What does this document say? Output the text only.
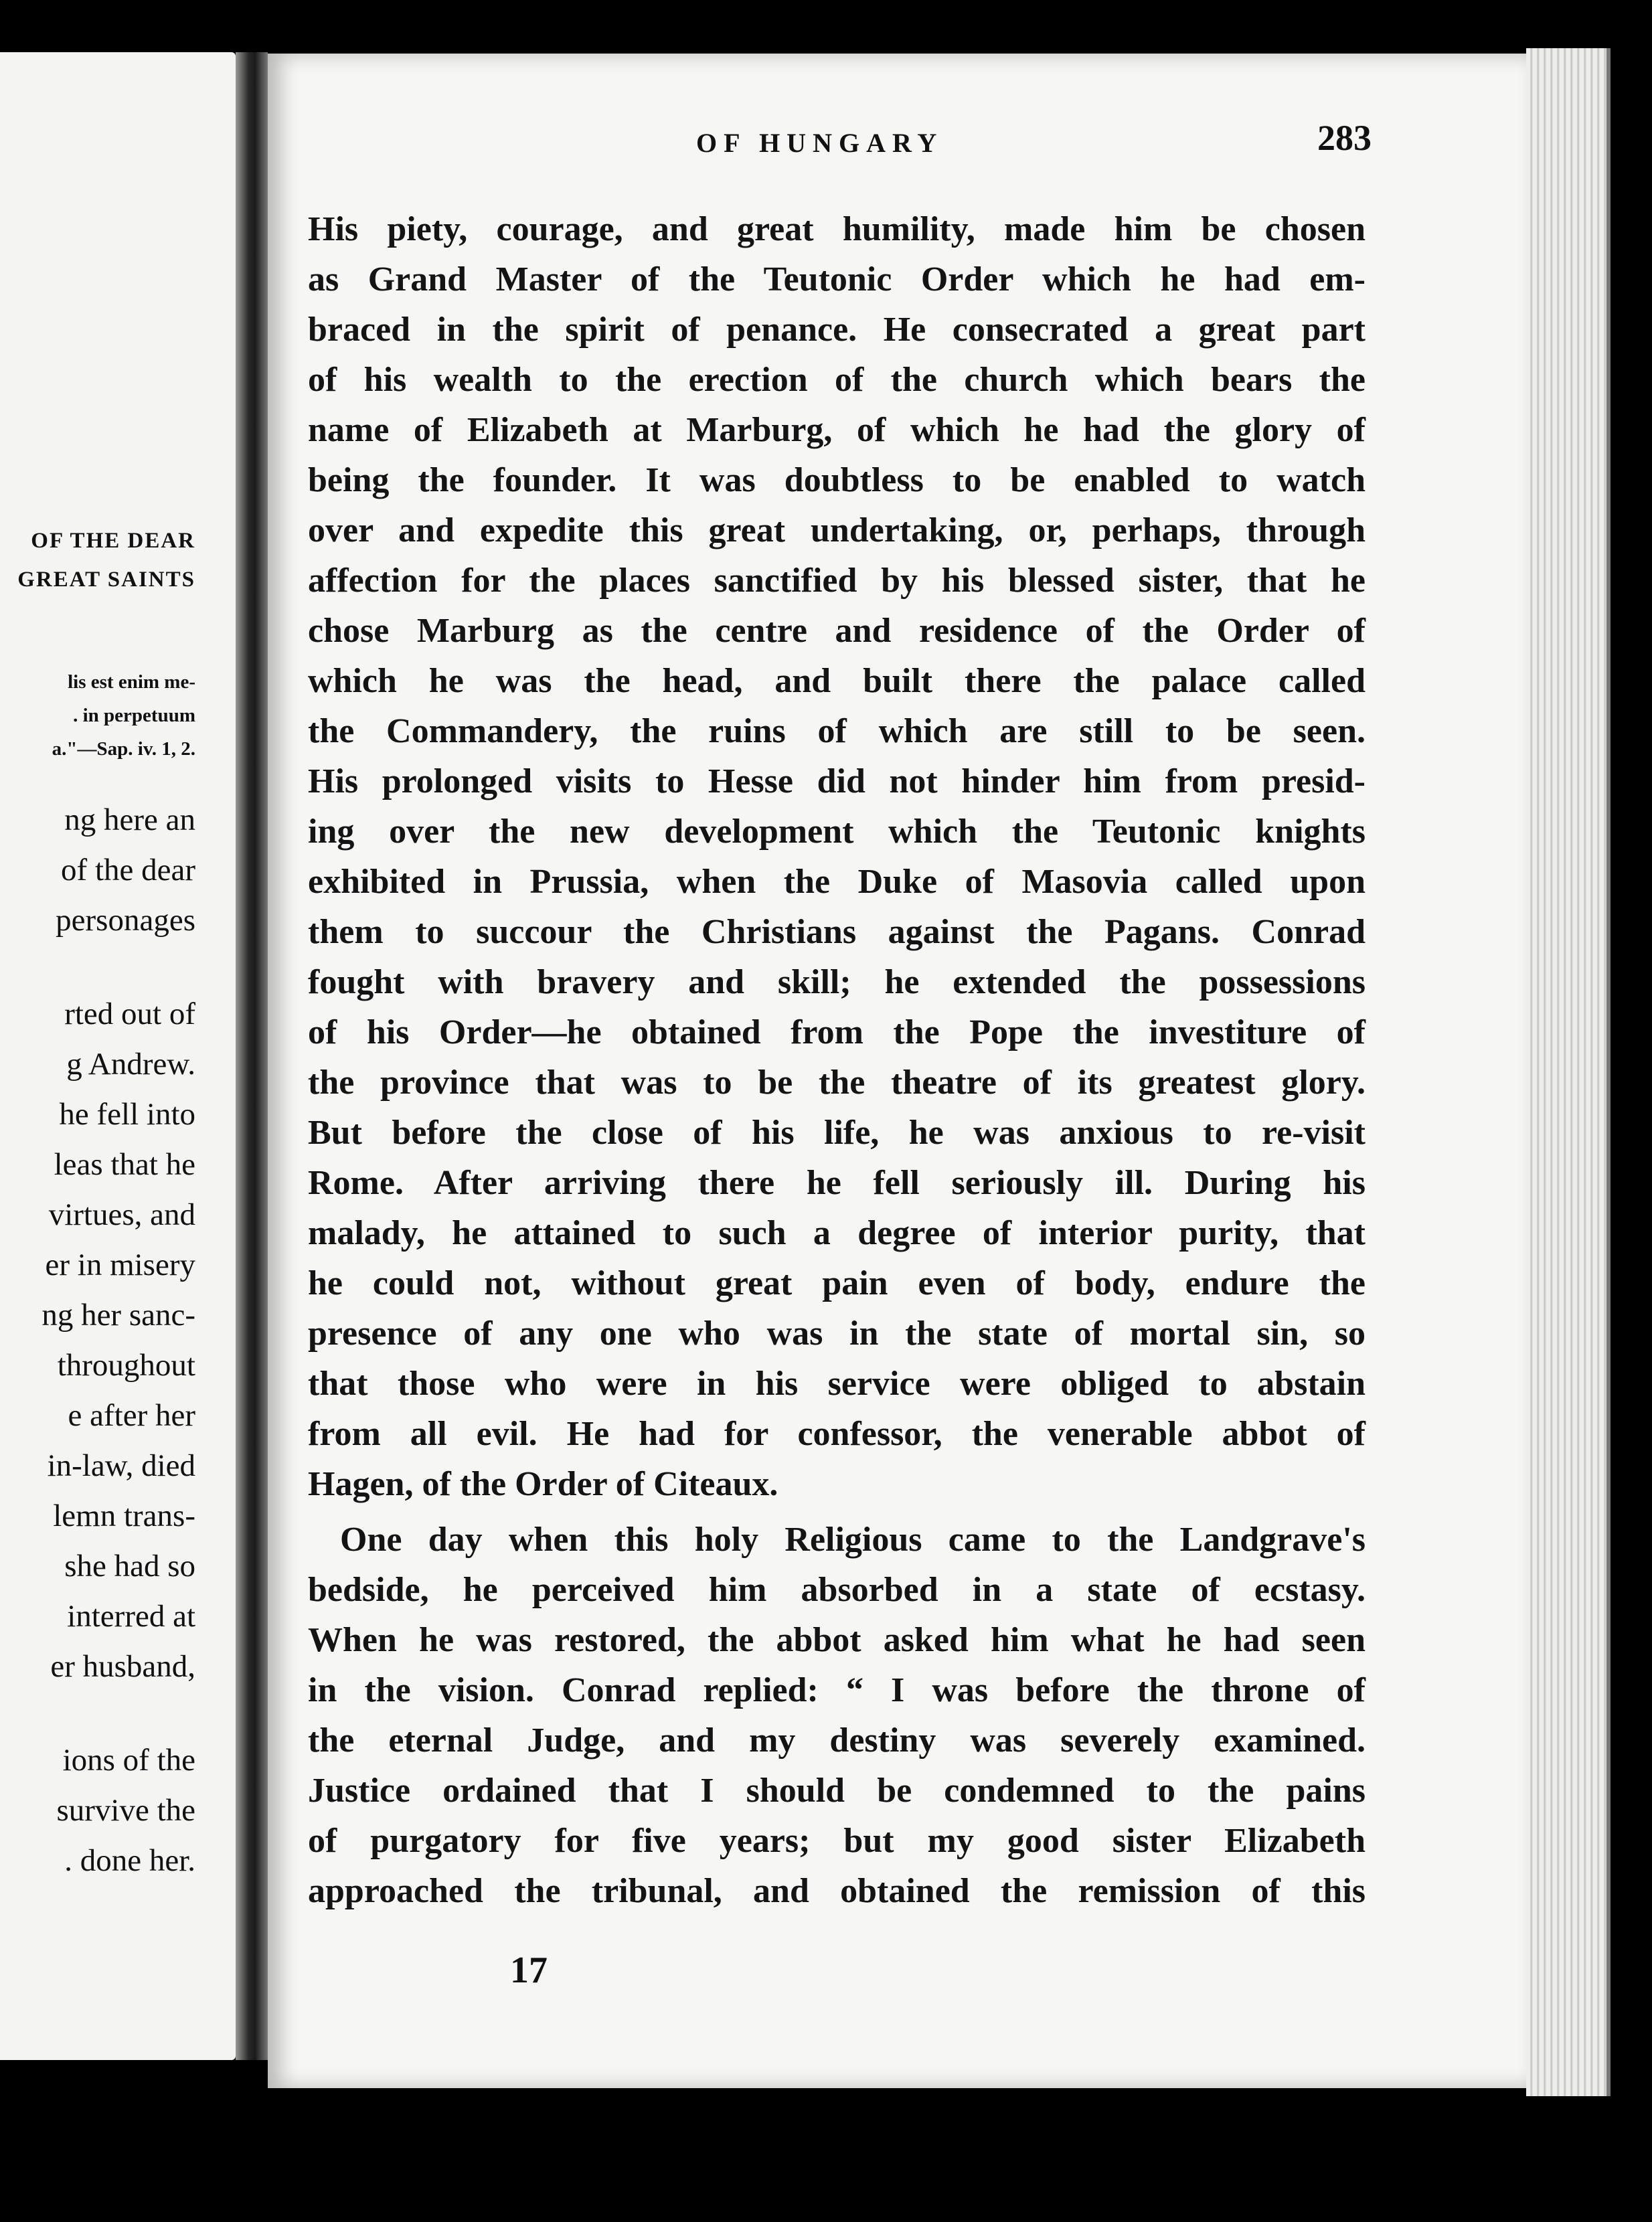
OF THE DEAR
GREAT SAINTS
lis est enim me-
. in perpetuum
a."—Sap. iv. 1, 2.
ng here an
of the dear
personages
rted out of
g Andrew.
he fell into
leas that he
virtues, and
er in misery
ng her sanc-
throughout
e after her
in-law, died
lemn trans-
she had so
interred at
er husband,
ions of the
survive the
. done her.
OF HUNGARY	283
His piety, courage, and great humility, made him be chosen
as Grand Master of the Teutonic Order which he had em-
braced in the spirit of penance. He consecrated a great part
of his wealth to the erection of the church which bears the
name of Elizabeth at Marburg, of which he had the glory of
being the founder. It was doubtless to be enabled to watch
over and expedite this great undertaking, or, perhaps, through
affection for the places sanctified by his blessed sister, that he
chose Marburg as the centre and residence of the Order of
which he was the head, and built there the palace called
the Commandery, the ruins of which are still to be seen.
His prolonged visits to Hesse did not hinder him from presid-
ing over the new development which the Teutonic knights
exhibited in Prussia, when the Duke of Masovia called upon
them to succour the Christians against the Pagans. Conrad
fought with bravery and skill; he extended the possessions
of his Order—he obtained from the Pope the investiture of
the province that was to be the theatre of its greatest glory.
But before the close of his life, he was anxious to re-visit
Rome. After arriving there he fell seriously ill. During his
malady, he attained to such a degree of interior purity, that
he could not, without great pain even of body, endure the
presence of any one who was in the state of mortal sin, so
that those who were in his service were obliged to abstain
from all evil. He had for confessor, the venerable abbot of
Hagen, of the Order of Citeaux.
One day when this holy Religious came to the Landgrave's
bedside, he perceived him absorbed in a state of ecstasy.
When he was restored, the abbot asked him what he had seen
in the vision. Conrad replied: “ I was before the throne of
the eternal Judge, and my destiny was severely examined.
Justice ordained that I should be condemned to the pains
of purgatory for five years; but my good sister Elizabeth
approached the tribunal, and obtained the remission of this
17
